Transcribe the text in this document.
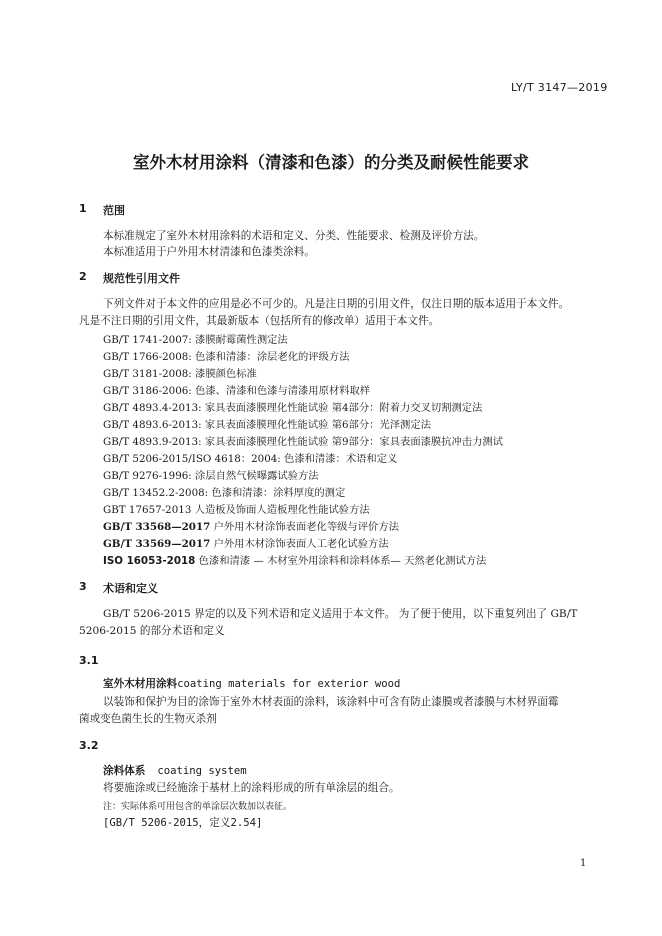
LY/T 3147—2019
室外木材用涂料（清漆和色漆）的分类及耐候性能要求
1 范围
本标准规定了室外木材用涂料的术语和定义、分类、性能要求、检测及评价方法。
本标准适用于户外用木材清漆和色漆类涂料。
2 规范性引用文件
下列文件对于本文件的应用是必不可少的。凡是注日期的引用文件，仅注日期的版本适用于本文件。
凡是不注日期的引用文件，其最新版本（包括所有的修改单）适用于本文件。
GB/T 1741-2007: 漆膜耐霉菌性测定法
GB/T 1766-2008: 色漆和清漆：涂层老化的评级方法
GB/T 3181-2008: 漆膜颜色标准
GB/T 3186-2006: 色漆、清漆和色漆与清漆用原材料取样
GB/T 4893.4-2013: 家具表面漆膜理化性能试验 第4部分：附着力交叉切割测定法
GB/T 4893.6-2013: 家具表面漆膜理化性能试验 第6部分：光泽测定法
GB/T 4893.9-2013: 家具表面漆膜理化性能试验 第9部分：家具表面漆膜抗冲击力测试
GB/T 5206-2015/ISO 4618：2004: 色漆和清漆：术语和定义
GB/T 9276-1996: 涂层自然气候曝露试验方法
GB/T 13452.2-2008: 色漆和清漆：涂料厚度的测定
GBT 17657-2013 人造板及饰面人造板理化性能试验方法
GB/T 33568—2017 户外用木材涂饰表面老化等级与评价方法
GB/T 33569—2017 户外用木材涂饰表面人工老化试验方法
ISO 16053-2018 色漆和清漆 — 木材室外用涂料和涂料体系— 天然老化测试方法
3 术语和定义
GB/T 5206-2015 界定的以及下列术语和定义适用于本文件。 为了便于使用，以下重复列出了 GB/T
5206-2015 的部分术语和定义
3.1
室外木材用涂料coating materials for exterior wood
以装饰和保护为目的涂饰于室外木材表面的涂料，该涂料中可含有防止漆膜或者漆膜与木材界面霉
菌或变色菌生长的生物灭杀剂
3.2
涂料体系 coating system
将要施涂或已经施涂于基材上的涂料形成的所有单涂层的组合。
注：实际体系可用包含的单涂层次数加以表征。
[GB/T 5206-2015，定义2.54]
1
